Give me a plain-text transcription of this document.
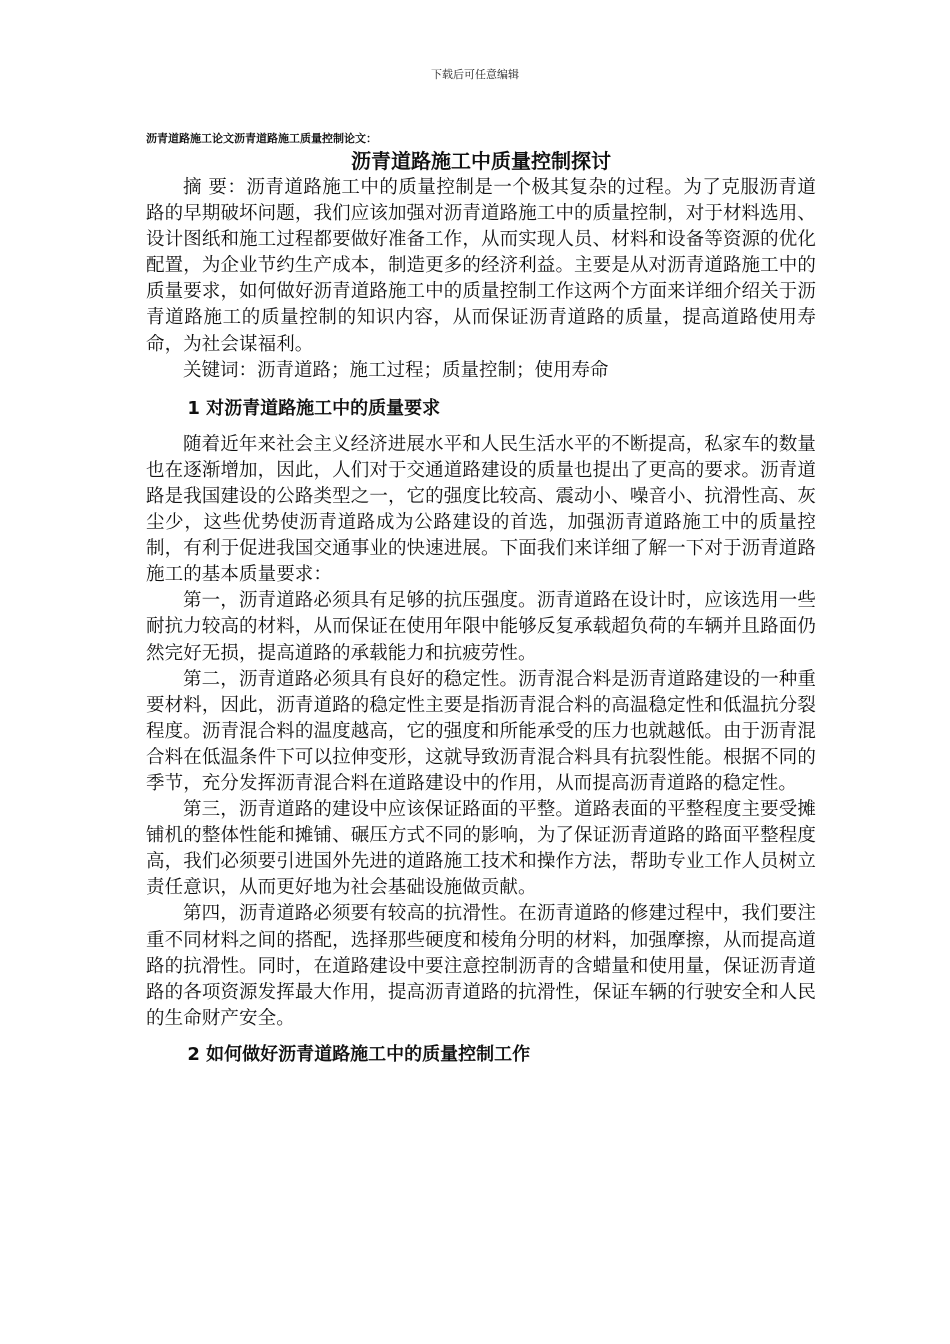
下载后可任意编辑

沥青道路施工论文沥青道路施工质量控制论文：

沥青道路施工中质量控制探讨

摘 要：沥青道路施工中的质量控制是一个极其复杂的过程。为了克服沥青道路的早期破坏问题，我们应该加强对沥青道路施工中的质量控制，对于材料选用、设计图纸和施工过程都要做好准备工作，从而实现人员、材料和设备等资源的优化配置，为企业节约生产成本，制造更多的经济利益。主要是从对沥青道路施工中的质量要求，如何做好沥青道路施工中的质量控制工作这两个方面来详细介绍关于沥青道路施工的质量控制的知识内容，从而保证沥青道路的质量，提高道路使用寿命，为社会谋福利。

关键词：沥青道路；施工过程；质量控制；使用寿命

1 对沥青道路施工中的质量要求

随着近年来社会主义经济进展水平和人民生活水平的不断提高，私家车的数量也在逐渐增加，因此，人们对于交通道路建设的质量也提出了更高的要求。沥青道路是我国建设的公路类型之一，它的强度比较高、震动小、噪音小、抗滑性高、灰尘少，这些优势使沥青道路成为公路建设的首选，加强沥青道路施工中的质量控制，有利于促进我国交通事业的快速进展。下面我们来详细了解一下对于沥青道路施工的基本质量要求：

第一，沥青道路必须具有足够的抗压强度。沥青道路在设计时，应该选用一些耐抗力较高的材料，从而保证在使用年限中能够反复承载超负荷的车辆并且路面仍然完好无损，提高道路的承载能力和抗疲劳性。

第二，沥青道路必须具有良好的稳定性。沥青混合料是沥青道路建设的一种重要材料，因此，沥青道路的稳定性主要是指沥青混合料的高温稳定性和低温抗分裂程度。沥青混合料的温度越高，它的强度和所能承受的压力也就越低。由于沥青混合料在低温条件下可以拉伸变形，这就导致沥青混合料具有抗裂性能。根据不同的季节，充分发挥沥青混合料在道路建设中的作用，从而提高沥青道路的稳定性。

第三，沥青道路的建设中应该保证路面的平整。道路表面的平整程度主要受摊铺机的整体性能和摊铺、碾压方式不同的影响，为了保证沥青道路的路面平整程度高，我们必须要引进国外先进的道路施工技术和操作方法，帮助专业工作人员树立责任意识，从而更好地为社会基础设施做贡献。

第四，沥青道路必须要有较高的抗滑性。在沥青道路的修建过程中，我们要注重不同材料之间的搭配，选择那些硬度和棱角分明的材料，加强摩擦，从而提高道路的抗滑性。同时，在道路建设中要注意控制沥青的含蜡量和使用量，保证沥青道路的各项资源发挥最大作用，提高沥青道路的抗滑性，保证车辆的行驶安全和人民的生命财产安全。

2 如何做好沥青道路施工中的质量控制工作
